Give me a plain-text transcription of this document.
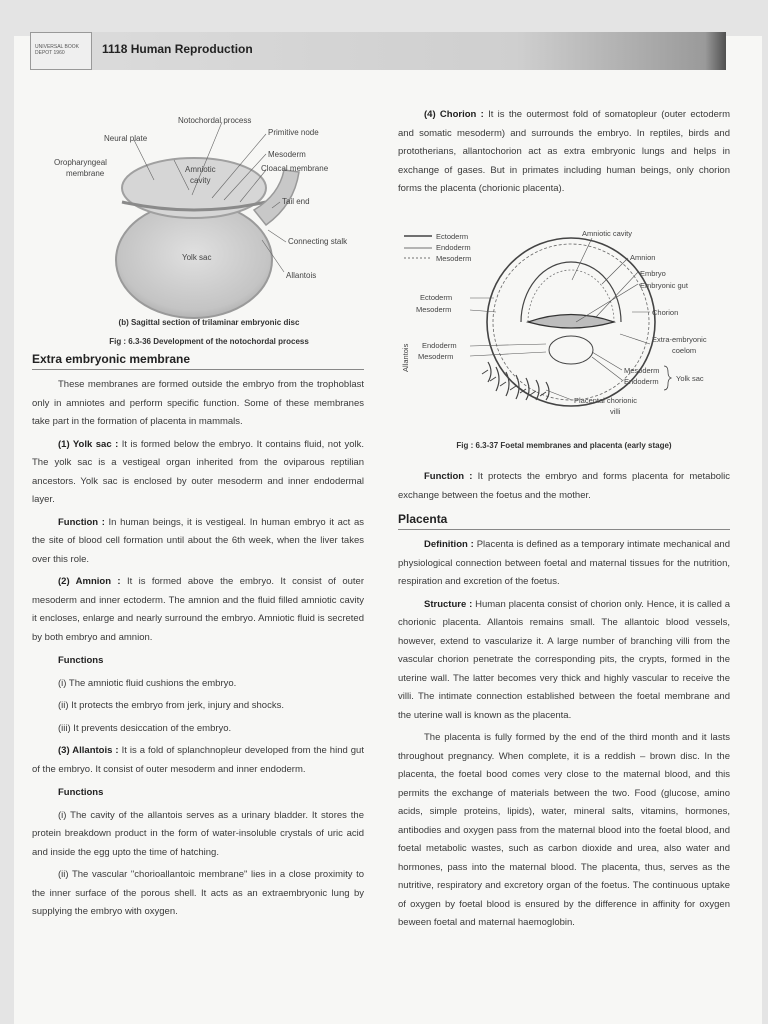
UNIVERSAL BOOK DEPOT 1960	1118 Human Reproduction
Notochordal process
Neural plate
Primitive node
Oropharyngeal
membrane
Mesoderm
Amniotic
cavity
Cloacal membrane
Tail end
Yolk sac
Connecting stalk
Allantois
(b) Sagittal section of trilaminar embryonic disc
Fig : 6.3-36 Development of the notochordal process
Extra embryonic membrane

These membranes are formed outside the embryo from the trophoblast only in amniotes and perform specific function. Some of these membranes take part in the formation of placenta in mammals.

(1) Yolk sac : It is formed below the embryo. It contains fluid, not yolk. The yolk sac is a vestigeal organ inherited from the oviparous reptilian ancestors. Yolk sac is enclosed by outer mesoderm and inner endodermal layer.

Function : In human beings, it is vestigeal. In human embryo it act as the site of blood cell formation until about the 6th week, when the liver takes over this role.

(2) Amnion : It is formed above the embryo. It consist of outer mesoderm and inner ectoderm. The amnion and the fluid filled amniotic cavity it encloses, enlarge and nearly surround the embryo. Amniotic fluid is secreted by both embryo and amnion.

Functions

(i) The amniotic fluid cushions the embryo.

(ii) It protects the embryo from jerk, injury and shocks.

(iii) It prevents desiccation of the embryo.

(3) Allantois : It is a fold of splanchnopleur developed from the hind gut of the embryo. It consist of outer mesoderm and inner endoderm.

Functions

(i) The cavity of the allantois serves as a urinary bladder. It stores the protein breakdown product in the form of water-insoluble crystals of uric acid and inside the egg upto the time of hatching.

(ii) The vascular "chorioallantoic membrane" lies in a close proximity to the inner surface of the porous shell. It acts as an extraembryonic lung by supplying the embryo with oxygen.

(4) Chorion : It is the outermost fold of somatopleur (outer ectoderm and somatic mesoderm) and surrounds the embryo. In reptiles, birds and prototherians, allantochorion act as extra embryonic lungs and helps in exchange of gases. But in primates including human beings, only chorion forms the placenta (chorionic placenta).

Ectoderm
Endoderm
Mesoderm
Amniotic cavity
Amnion
Embryo
Embryonic gut
Ectoderm
Mesoderm	Chorion
Allantois Endoderm
Mesoderm
Extra-embryonic
coelom
Mesoderm
Endoderm Yolk sac
Placental chorionic
villi
Fig : 6.3-37 Foetal membranes and placenta (early stage)

Function : It protects the embryo and forms placenta for metabolic exchange between the foetus and the mother.

Placenta

Definition : Placenta is defined as a temporary intimate mechanical and physiological connection between foetal and maternal tissues for the nutrition, respiration and excretion of the foetus.

Structure : Human placenta consist of chorion only. Hence, it is called a chorionic placenta. Allantois remains small. The allantoic blood vessels, however, extend to vascularize it. A large number of branching villi from the vascular chorion penetrate the corresponding pits, the crypts, formed in the uterine wall. The latter becomes very thick and highly vascular to receive the villi. The intimate connection established between the foetal membrane and the uterine wall is known as the placenta.

The placenta is fully formed by the end of the third month and it lasts throughout pregnancy. When complete, it is a reddish – brown disc. In the placenta, the foetal bood comes very close to the maternal blood, and this permits the exchange of materials between the two. Food (glucose, amino acids, simple proteins, lipids), water, mineral salts, vitamins, hormones, antibodies and oxygen pass from the maternal blood into the foetal blood, and foetal metabolic wastes, such as carbon dioxide and urea, also water and hormones, pass into the maternal blood. The placenta, thus, serves as the nutritive, respiratory and excretory organ of the foetus. The continuous uptake of oxygen by foetal blood is ensured by the difference in affinity for oxygen beween foetal and maternal haemoglobin.
